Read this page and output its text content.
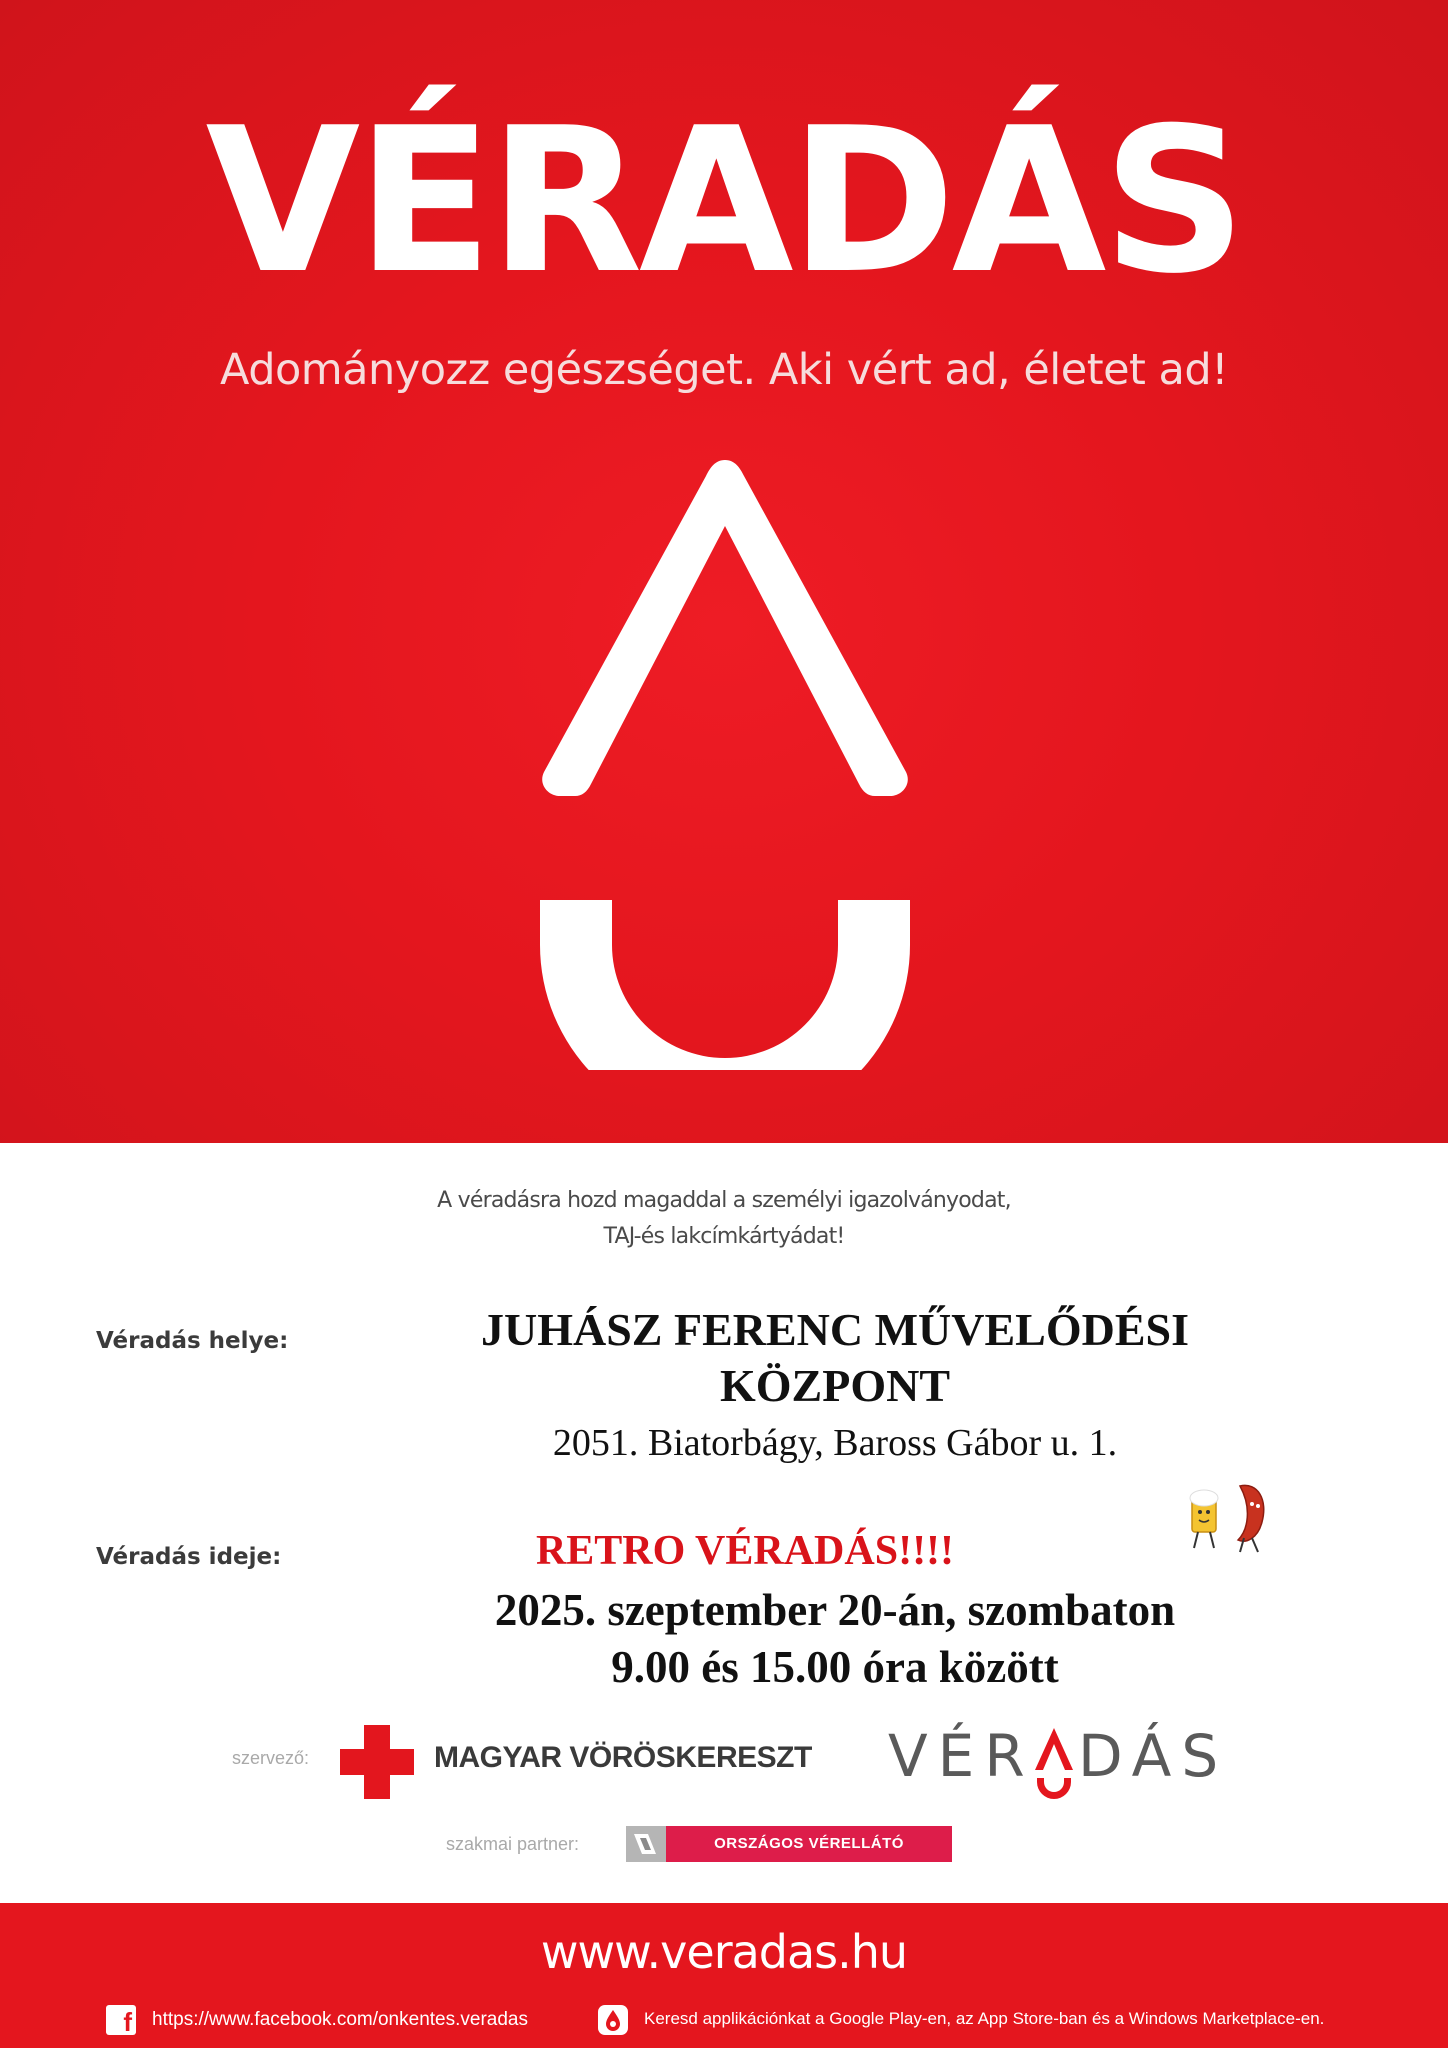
VÉRADÁS
Adományozz egészséget. Aki vért ad, életet ad!
A véradásra hozd magaddal a személyi igazolványodat,
TAJ-és lakcímkártyádat!
Véradás helye:	JUHÁSZ FERENC MŰVELŐDÉSI
KÖZPONT
2051. Biatorbágy, Baross Gábor u. 1.
Véradás ideje:	RETRO VÉRADÁS!!!!
2025. szeptember 20-án, szombaton
9.00 és 15.00 óra között
szervező:	MAGYAR VÖRÖSKERESZT VÉR DÁS
szakmai partner:	ORSZÁGOS VÉRELLÁTÓ SZOLGÁLAT
www.veradas.hu
f https://www.facebook.com/onkentes.veradas	Keresd applikációnkat a Google Play-en, az App Store-ban és a Windows Marketplace-en.
